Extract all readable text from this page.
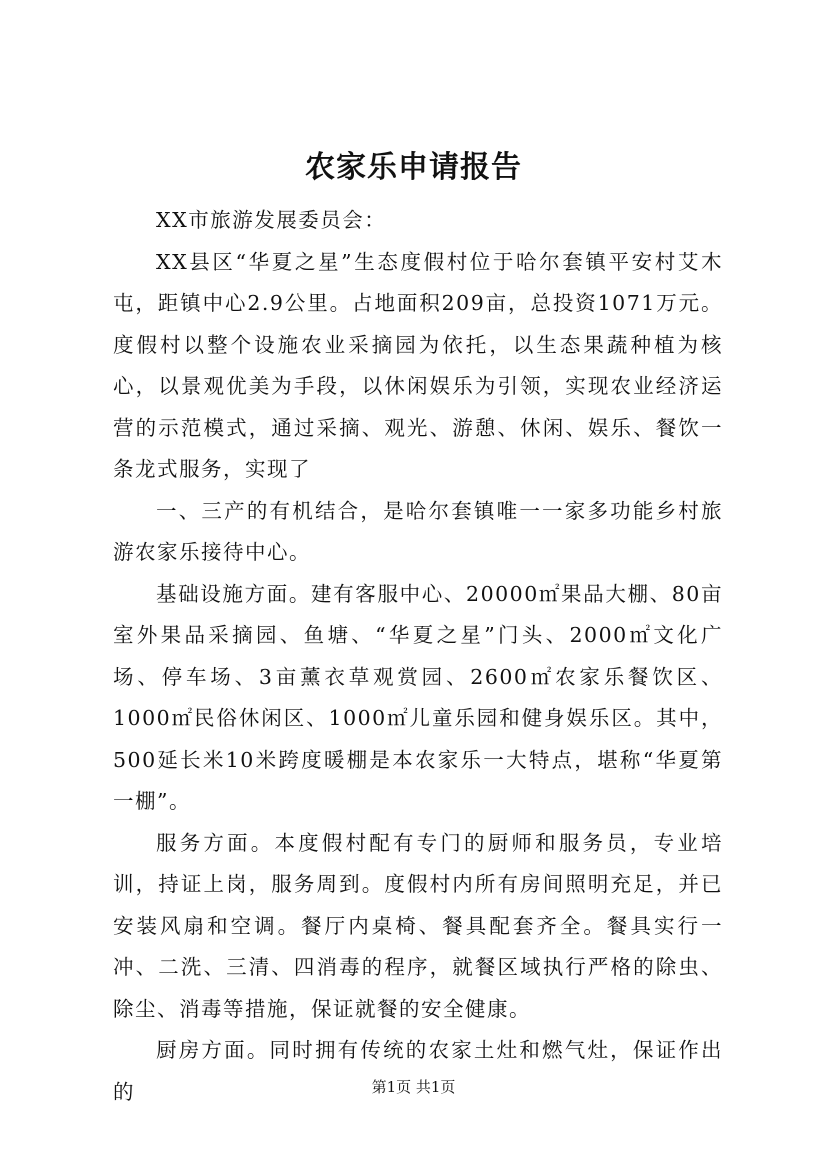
农家乐申请报告

XX市旅游发展委员会：

XX县区“华夏之星”生态度假村位于哈尔套镇平安村艾木屯，距镇中心2.9公里。占地面积209亩，总投资1071万元。度假村以整个设施农业采摘园为依托，以生态果蔬种植为核心，以景观优美为手段，以休闲娱乐为引领，实现农业经济运营的示范模式，通过采摘、观光、游憩、休闲、娱乐、餐饮一条龙式服务，实现了

一、三产的有机结合，是哈尔套镇唯一一家多功能乡村旅游农家乐接待中心。

基础设施方面。建有客服中心、20000㎡果品大棚、80亩室外果品采摘园、鱼塘、“华夏之星”门头、2000㎡文化广场、停车场、3亩薰衣草观赏园、2600㎡农家乐餐饮区、1000㎡民俗休闲区、1000㎡儿童乐园和健身娱乐区。其中，500延长米10米跨度暖棚是本农家乐一大特点，堪称“华夏第一棚”。

服务方面。本度假村配有专门的厨师和服务员，专业培训，持证上岗，服务周到。度假村内所有房间照明充足，并已安装风扇和空调。餐厅内桌椅、餐具配套齐全。餐具实行一冲、二洗、三清、四消毒的程序，就餐区域执行严格的除虫、除尘、消毒等措施，保证就餐的安全健康。

厨房方面。同时拥有传统的农家土灶和燃气灶，保证作出的	第1页 共1页
